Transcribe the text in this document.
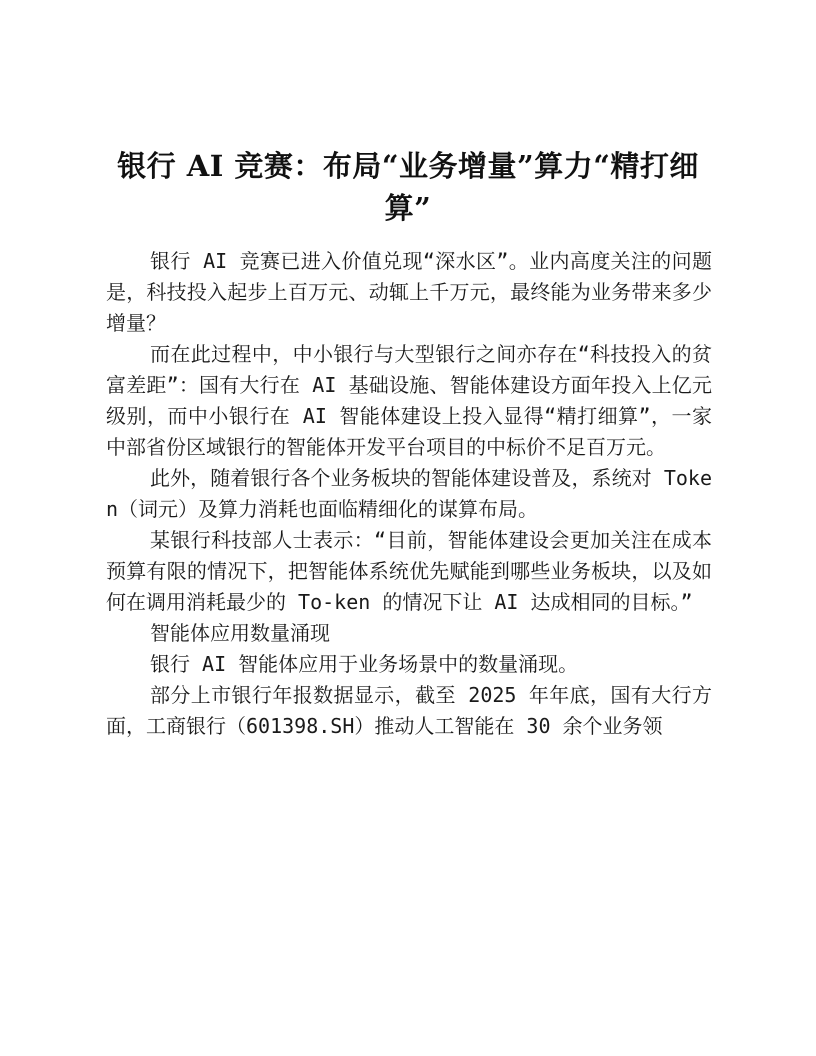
银行 AI 竞赛：布局“业务增量”算力“精打细算”

银行 AI 竞赛已进入价值兑现“深水区”。业内高度关注的问题是，科技投入起步上百万元、动辄上千万元，最终能为业务带来多少增量？

而在此过程中，中小银行与大型银行之间亦存在“科技投入的贫富差距”：国有大行在 AI 基础设施、智能体建设方面年投入上亿元级别，而中小银行在 AI 智能体建设上投入显得“精打细算”，一家中部省份区域银行的智能体开发平台项目的中标价不足百万元。

此外，随着银行各个业务板块的智能体建设普及，系统对 Token（词元）及算力消耗也面临精细化的谋算布局。

某银行科技部人士表示：“目前，智能体建设会更加关注在成本预算有限的情况下，把智能体系统优先赋能到哪些业务板块，以及如何在调用消耗最少的 To-ken 的情况下让 AI 达成相同的目标。”

智能体应用数量涌现

银行 AI 智能体应用于业务场景中的数量涌现。

部分上市银行年报数据显示，截至 2025 年年底，国有大行方面，工商银行（601398.SH）推动人工智能在 30 余个业务领
